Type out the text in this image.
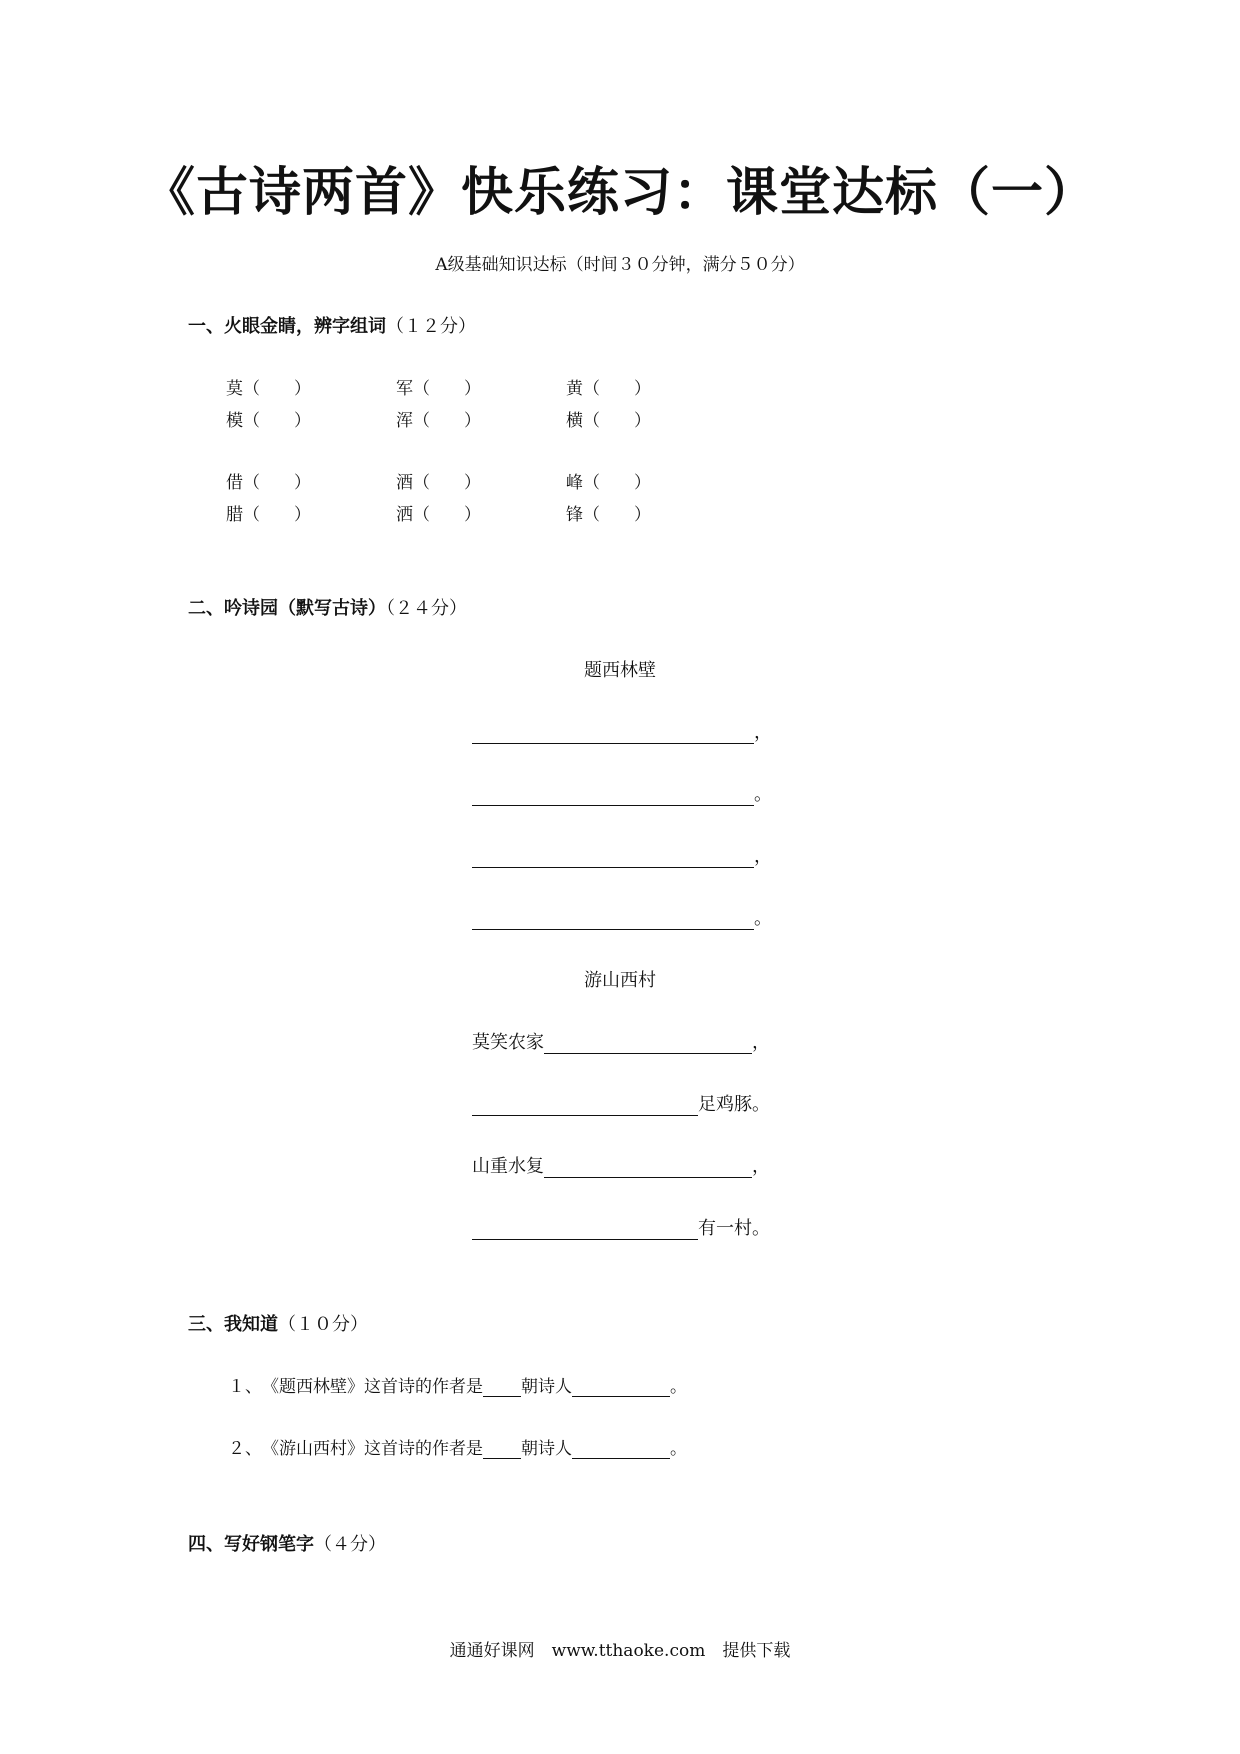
《古诗两首》快乐练习：课堂达标（一）
A级基础知识达标（时间３０分钟，满分５０分）
一、火眼金睛，辨字组词（１２分）
莫（　　）	军（　　）	黄（　　）
模（　　）	浑（　　）	横（　　）
借（　　）	酒（　　）	峰（　　）
腊（　　）	洒（　　）	锋（　　）
二、吟诗园（默写古诗）（２４分）
题西林壁
，
。
，
。
游山西村
莫笑农家	，
足鸡豚。
山重水复	，
有一村。
三、我知道（１０分）
１、 《题西林壁》这首诗的作者是 朝诗人	。
２、 《游山西村》这首诗的作者是 朝诗人	。
四、写好钢笔字（４分）
通通好课网　www.tthaoke.com　提供下载
